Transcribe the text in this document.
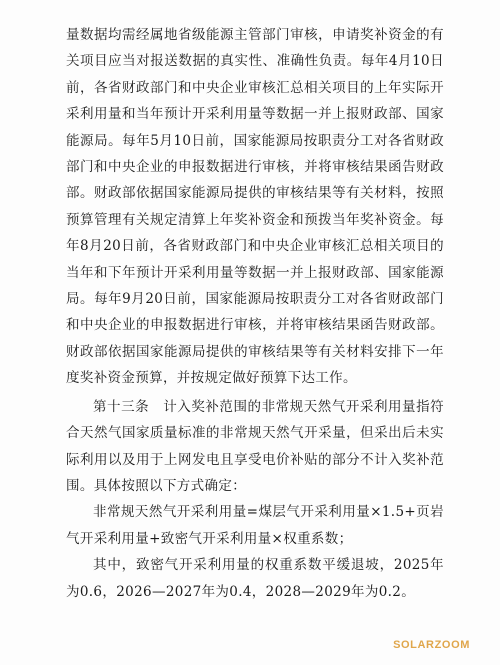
量数据均需经属地省级能源主管部门审核，申请奖补资金的有关项目应当对报送数据的真实性、准确性负责。每年4月10日前，各省财政部门和中央企业审核汇总相关项目的上年实际开采利用量和当年预计开采利用量等数据一并上报财政部、国家能源局。每年5月10日前，国家能源局按职责分工对各省财政部门和中央企业的申报数据进行审核，并将审核结果函告财政部。财政部依据国家能源局提供的审核结果等有关材料，按照预算管理有关规定清算上年奖补资金和预拨当年奖补资金。每年8月20日前，各省财政部门和中央企业审核汇总相关项目的当年和下年预计开采利用量等数据一并上报财政部、国家能源局。每年9月20日前，国家能源局按职责分工对各省财政部门和中央企业的申报数据进行审核，并将审核结果函告财政部。财政部依据国家能源局提供的审核结果等有关材料安排下一年度奖补资金预算，并按规定做好预算下达工作。

第十三条　计入奖补范围的非常规天然气开采利用量指符合天然气国家质量标准的非常规天然气开采量，但采出后未实际利用以及用于上网发电且享受电价补贴的部分不计入奖补范围。具体按照以下方式确定：

非常规天然气开采利用量=煤层气开采利用量×1.5+页岩气开采利用量+致密气开采利用量×权重系数；

其中，致密气开采利用量的权重系数平缓退坡，2025年为0.6，2026—2027年为0.4，2028—2029年为0.2。

SOLARZOOM
